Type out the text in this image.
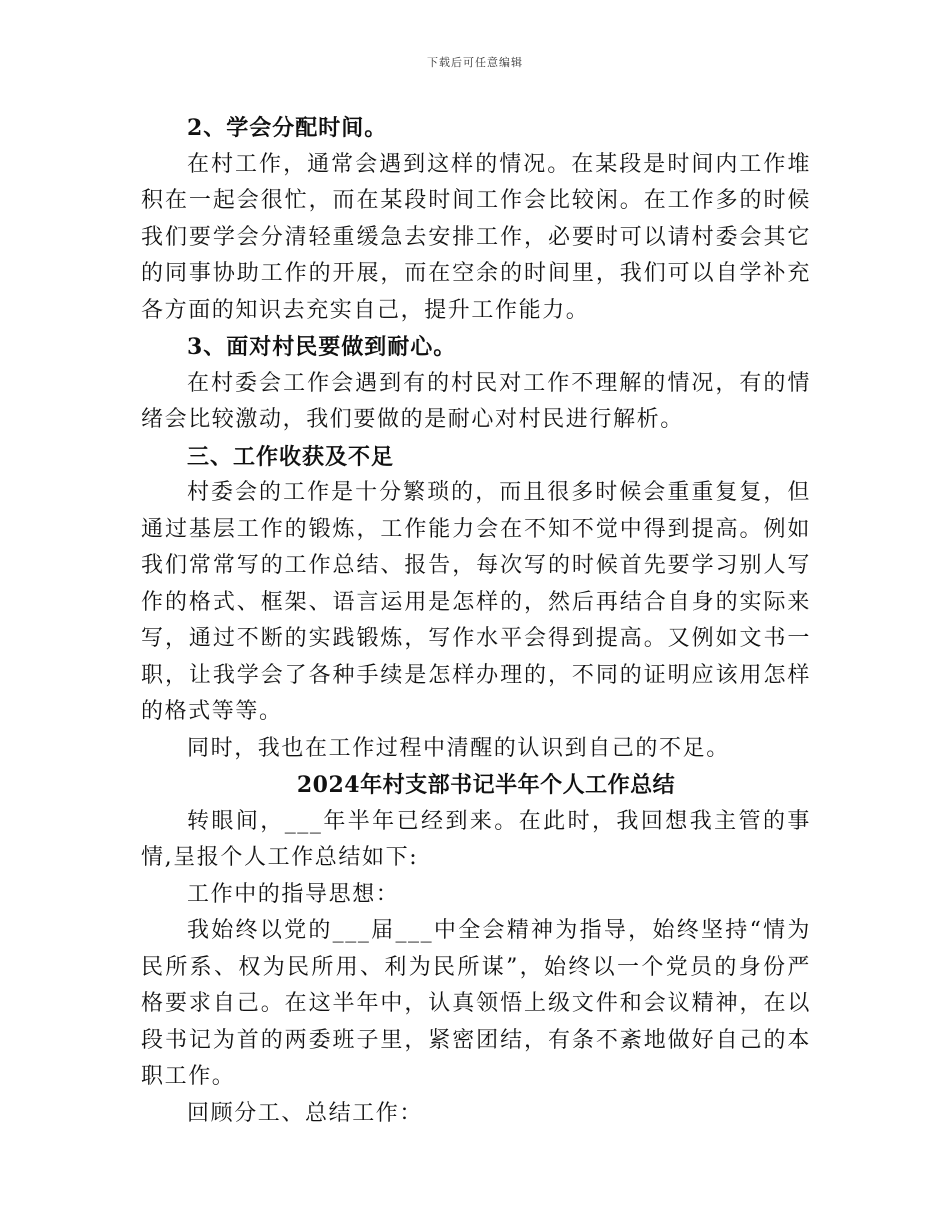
下载后可任意编辑

2、学会分配时间。

在村工作，通常会遇到这样的情况。在某段是时间内工作堆积在一起会很忙，而在某段时间工作会比较闲。在工作多的时候我们要学会分清轻重缓急去安排工作，必要时可以请村委会其它的同事协助工作的开展，而在空余的时间里，我们可以自学补充各方面的知识去充实自己，提升工作能力。

3、面对村民要做到耐心。

在村委会工作会遇到有的村民对工作不理解的情况，有的情绪会比较激动，我们要做的是耐心对村民进行解析。

三、工作收获及不足

村委会的工作是十分繁琐的，而且很多时候会重重复复，但通过基层工作的锻炼，工作能力会在不知不觉中得到提高。例如我们常常写的工作总结、报告，每次写的时候首先要学习别人写作的格式、框架、语言运用是怎样的，然后再结合自身的实际来写，通过不断的实践锻炼，写作水平会得到提高。又例如文书一职，让我学会了各种手续是怎样办理的，不同的证明应该用怎样的格式等等。

同时，我也在工作过程中清醒的认识到自己的不足。

2024年村支部书记半年个人工作总结

转眼间，___年半年已经到来。在此时，我回想我主管的事情,呈报个人工作总结如下:

工作中的指导思想：

我始终以党的___届___中全会精神为指导，始终坚持“情为民所系、权为民所用、利为民所谋”，始终以一个党员的身份严格要求自己。在这半年中，认真领悟上级文件和会议精神，在以段书记为首的两委班子里，紧密团结，有条不紊地做好自己的本职工作。

回顾分工、总结工作：
